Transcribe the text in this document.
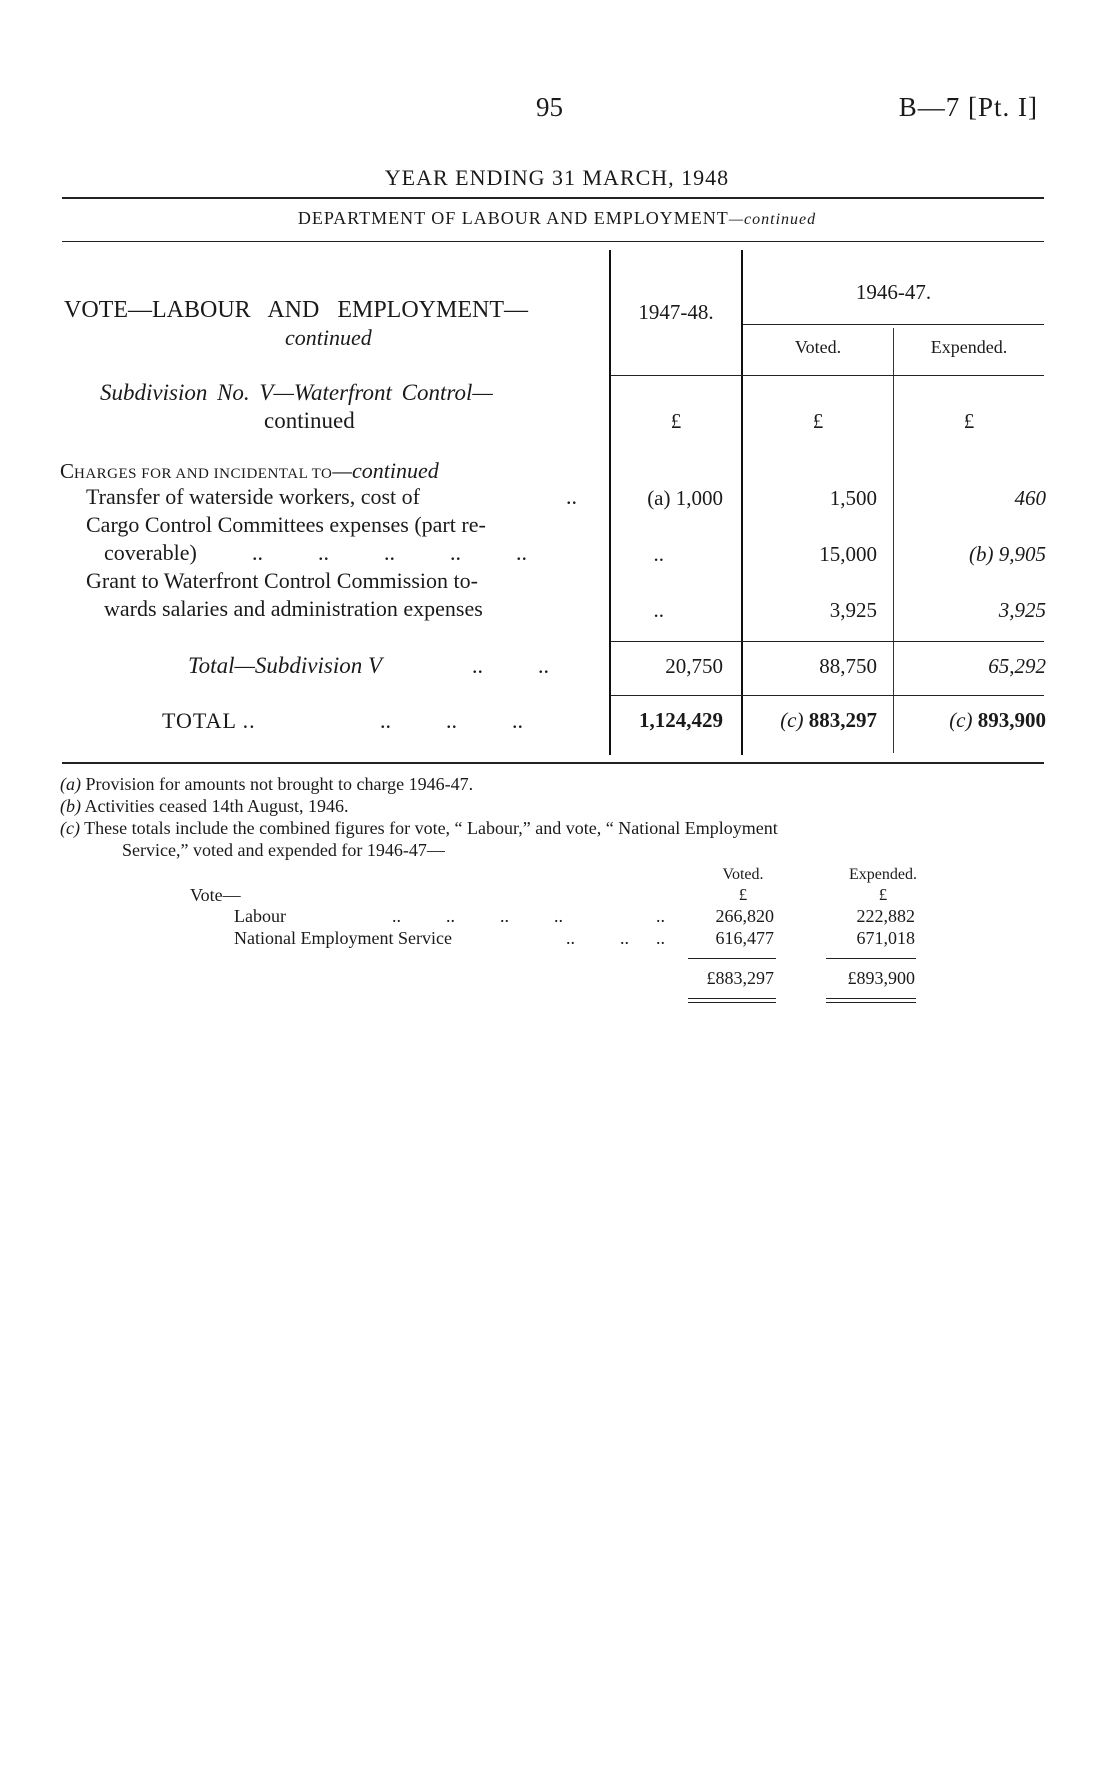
95	B—7 [Pt. I]
YEAR ENDING 31 MARCH, 1948
DEPARTMENT OF LABOUR AND EMPLOYMENT—continued
VOTE—LABOUR AND EMPLOYMENT—
continued
1947-48.
1946-47.
Voted.	Expended.
Subdivision No. V—Waterfront Control—
continued	£	£	£
CHARGES FOR AND INCIDENTAL TO—continued
Transfer of waterside workers, cost of	..	(a) 1,000	1,500	460
Cargo Control Committees expenses (part re-
coverable)	..          ..          ..          ..          ..	..	15,000	(b) 9,905
Grant to Waterfront Control Commission to-
wards salaries and administration expenses	..	3,925	3,925
Total—Subdivision V	..          ..	20,750	88,750	65,292
TOTAL ..	..          ..          ..	1,124,429	(c) 883,297	(c) 893,900
(a) Provision for amounts not brought to charge 1946-47.
(b) Activities ceased 14th August, 1946.
(c) These totals include the combined figures for vote, “ Labour,” and vote, “ National Employment
Service,” voted and expended for 1946-47—
Voted.	Expended.
£	£
Vote—
Labour	..          ..          ..          ..	..	266,820	222,882
National Employment Service	..          .. ..	616,477	671,018
£883,297	£893,900
